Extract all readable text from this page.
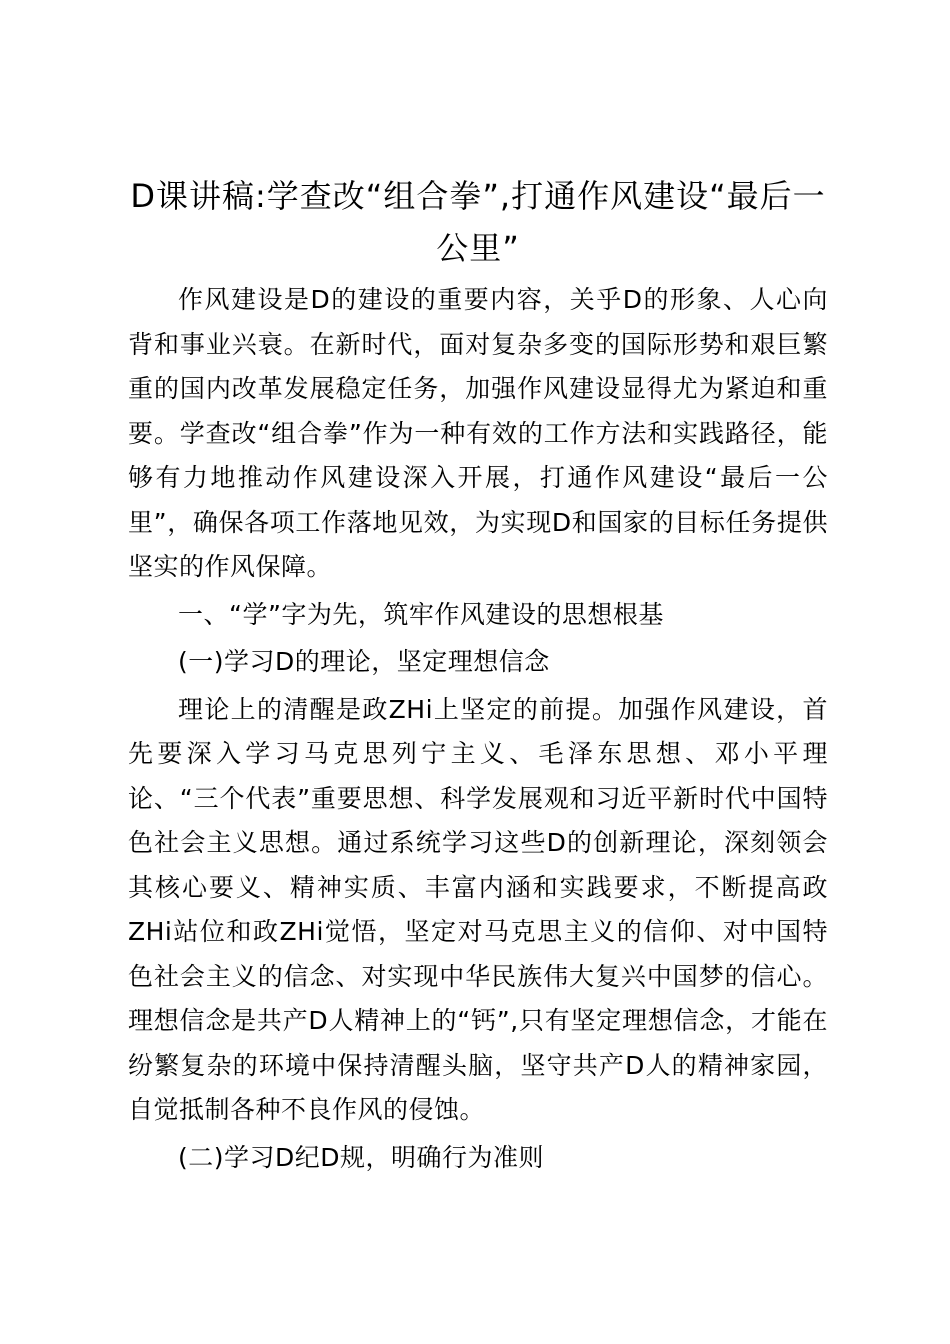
D课讲稿:学查改“组合拳”,打通作风建设“最后一公里”

作风建设是D的建设的重要内容，关乎D的形象、人心向背和事业兴衰。在新时代，面对复杂多变的国际形势和艰巨繁重的国内改革发展稳定任务，加强作风建设显得尤为紧迫和重要。学查改“组合拳”作为一种有效的工作方法和实践路径，能够有力地推动作风建设深入开展，打通作风建设“最后一公里”，确保各项工作落地见效，为实现D和国家的目标任务提供坚实的作风保障。

一、“学”字为先，筑牢作风建设的思想根基

(一)学习D的理论，坚定理想信念

理论上的清醒是政ZHi上坚定的前提。加强作风建设，首先要深入学习马克思列宁主义、毛泽东思想、邓小平理论、“三个代表”重要思想、科学发展观和习近平新时代中国特色社会主义思想。通过系统学习这些D的创新理论，深刻领会其核心要义、精神实质、丰富内涵和实践要求，不断提高政ZHi站位和政ZHi觉悟，坚定对马克思主义的信仰、对中国特色社会主义的信念、对实现中华民族伟大复兴中国梦的信心。理想信念是共产D人精神上的“钙”,只有坚定理想信念，才能在纷繁复杂的环境中保持清醒头脑，坚守共产D人的精神家园，自觉抵制各种不良作风的侵蚀。

(二)学习D纪D规，明确行为准则
